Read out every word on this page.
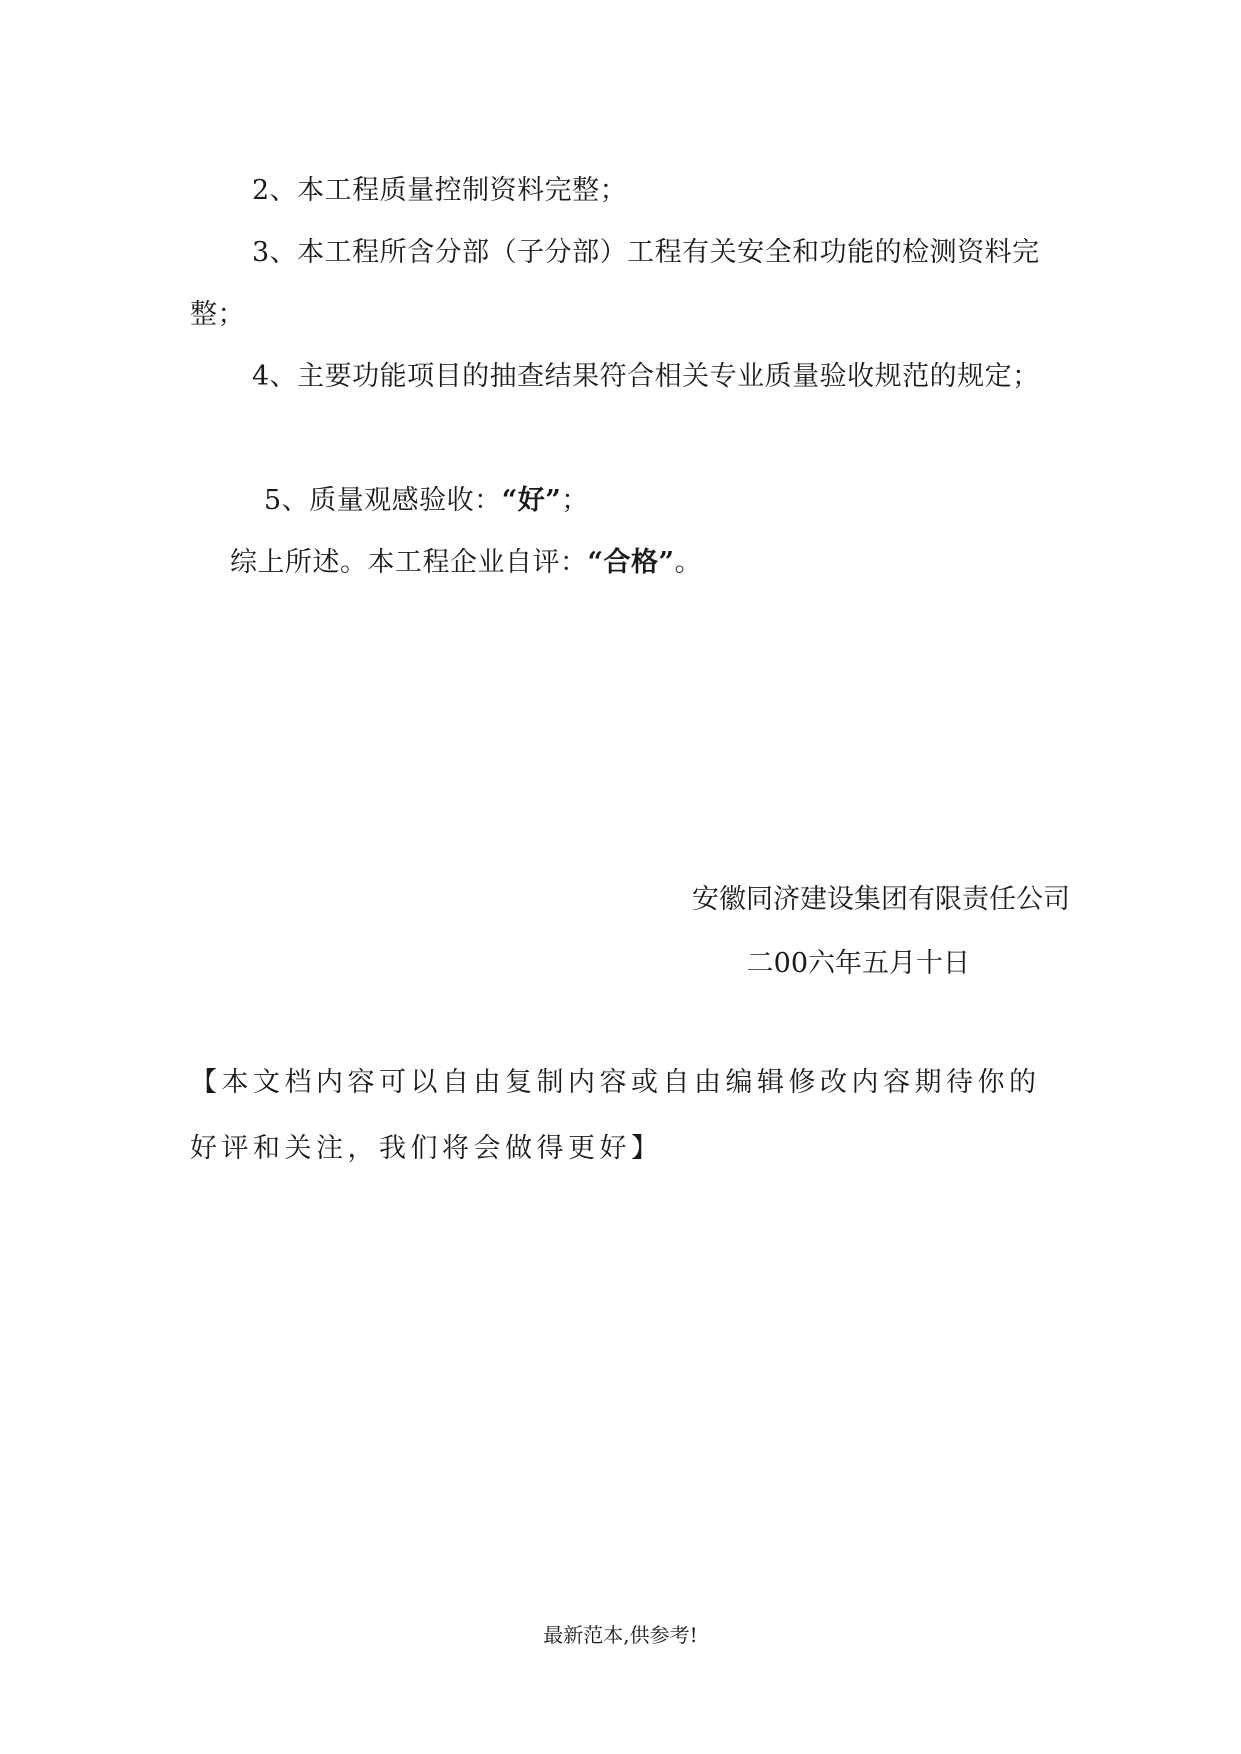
2、本工程质量控制资料完整；

3、本工程所含分部（子分部）工程有关安全和功能的检测资料完整；

4、主要功能项目的抽查结果符合相关专业质量验收规范的规定；

5、质量观感验收：“好”；

综上所述。本工程企业自评：“合格”。

安徽同济建设集团有限责任公司
二00六年五月十日

【本文档内容可以自由复制内容或自由编辑修改内容期待你的好评和关注，我们将会做得更好】

最新范本,供参考!
